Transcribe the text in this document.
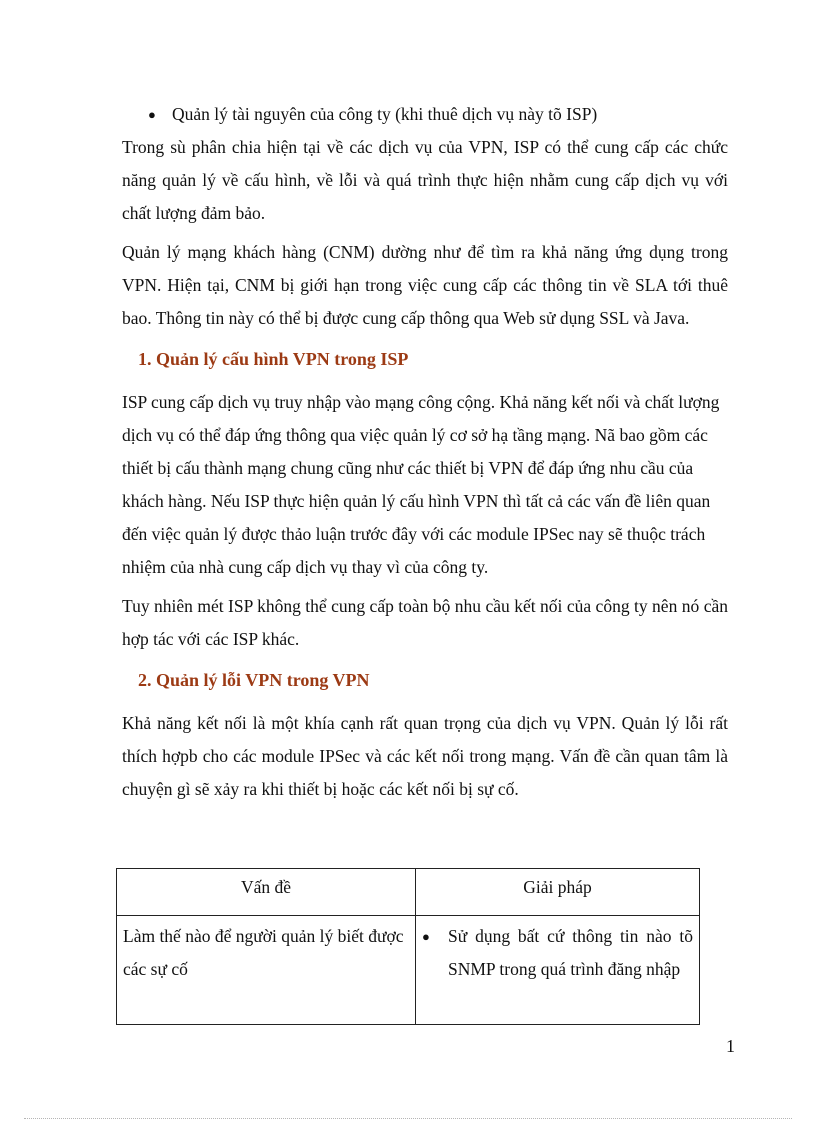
● Quản lý tài nguyên của công ty (khi thuê dịch vụ này tõ ISP)

Trong sù phân chia hiện tại về các dịch vụ của VPN, ISP có thể cung cấp các chức năng quản lý về cấu hình, về lỗi và quá trình thực hiện nhằm cung cấp dịch vụ với chất lượng đảm bảo.

Quản lý mạng khách hàng (CNM) dường như để tìm ra khả năng ứng dụng trong VPN. Hiện tại, CNM bị giới hạn trong việc cung cấp các thông tin về SLA tới thuê bao. Thông tin này có thể bị được cung cấp thông qua Web sử dụng SSL và Java.

1. Quản lý cấu hình VPN trong ISP

ISP cung cấp dịch vụ truy nhập vào mạng công cộng. Khả năng kết nối và chất lượng dịch vụ có thể đáp ứng thông qua việc quản lý cơ sở hạ tầng mạng. Nã bao gồm các thiết bị cấu thành mạng chung cũng như các thiết bị VPN để đáp ứng nhu cầu của khách hàng. Nếu ISP thực hiện quản lý cấu hình VPN thì tất cả các vấn đề liên quan đến việc quản lý được thảo luận trước đây với các module IPSec nay sẽ thuộc trách nhiệm của nhà cung cấp dịch vụ thay vì của công ty.

Tuy nhiên mét ISP không thể cung cấp toàn bộ nhu cầu kết nối của công ty nên nó cần hợp tác với các ISP khác.

2. Quản lý lỗi VPN trong VPN

Khả năng kết nối là một khía cạnh rất quan trọng của dịch vụ VPN. Quản lý lỗi rất thích hợpb cho các module IPSec và các kết nối trong mạng. Vấn đề cần quan tâm là chuyện gì sẽ xảy ra khi thiết bị hoặc các kết nối bị sự cố.

Vấn đề	Giải pháp
Làm thế nào để người quản lý biết được các sự cố	● Sử dụng bất cứ thông tin nào tõ SNMP trong quá trình đăng nhập
1
